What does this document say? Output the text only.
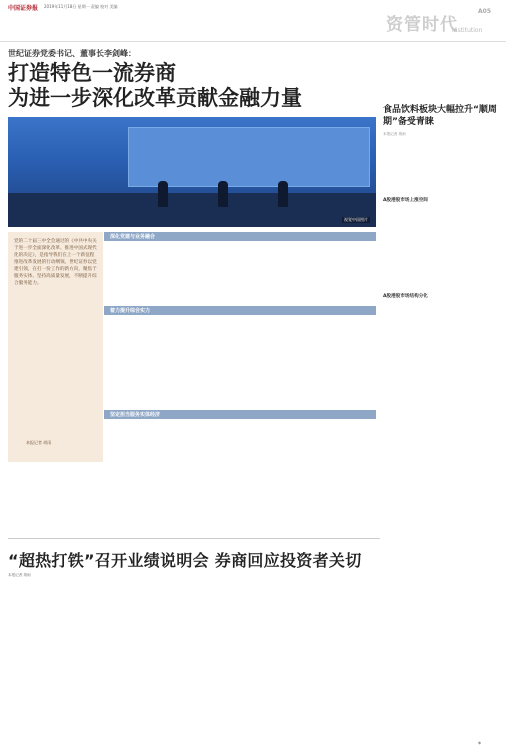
中国证券报 2019年11月18日 星期一 责编 校对 美编
资管时代
Institution
A05
世纪证券党委书记、董事长李剑峰：
打造特色一流券商
为进一步深化改革贡献金融力量
视觉中国图片
党的二十届三中全会通过的《中共中央关于进一步全面深化改革、推进中国式现代化的决定》，是指导我们在上一个新征程推进改革发展的行动纲领。世纪证券以党建引领，在打一份工作的新方向，聚焦于服务实体、坚持高质量发展，不断提升综合服务能力。
本报记者 胡雨
深化党建与业务融合
着力提升综合实力
坚定担当服务实体经济
“超热打铁”召开业绩说明会 券商回应投资者关切
本报记者 胡雨
食品饮料板块大幅拉升“顺周期”备受青睐
本报记者 胡雨
A股港股市场上涨空间
A股港股市场结构分化
◆
